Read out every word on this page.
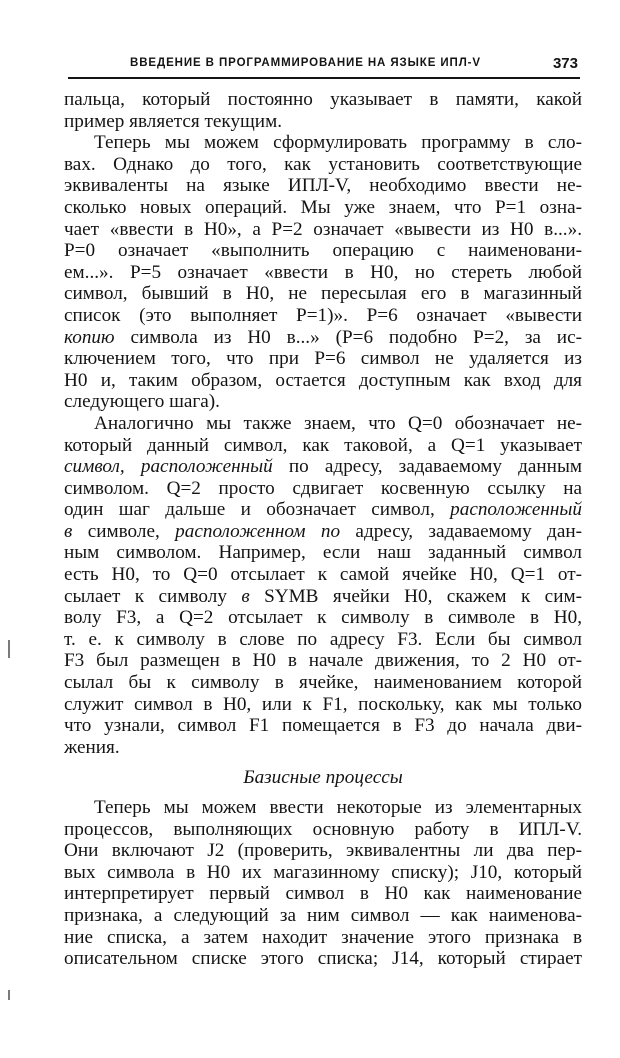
ВВЕДЕНИЕ В ПРОГРАММИРОВАНИЕ НА ЯЗЫКЕ ИПЛ-V	373
пальца, который постоянно указывает в памяти, какой
пример является текущим.
Теперь мы можем сформулировать программу в сло-
вах. Однако до того, как установить соответствующие
эквиваленты на языке ИПЛ-V, необходимо ввести не-
сколько новых операций. Мы уже знаем, что P=1 озна-
чает «ввести в H0», а P=2 означает «вывести из H0 в...».
P=0 означает «выполнить операцию с наименовани-
ем...». P=5 означает «ввести в H0, но стереть любой
символ, бывший в H0, не пересылая его в магазинный
список (это выполняет P=1)». P=6 означает «вывести
копию символа из H0 в...» (P=6 подобно P=2, за ис-
ключением того, что при P=6 символ не удаляется из
H0 и, таким образом, остается доступным как вход для
следующего шага).
Аналогично мы также знаем, что Q=0 обозначает не-
который данный символ, как таковой, а Q=1 указывает
символ, расположенный по адресу, задаваемому данным
символом. Q=2 просто сдвигает косвенную ссылку на
один шаг дальше и обозначает символ, расположенный
в символе, расположенном по адресу, задаваемому дан-
ным символом. Например, если наш заданный символ
есть H0, то Q=0 отсылает к самой ячейке H0, Q=1 от-
сылает к символу в SYMB ячейки H0, скажем к сим-
волу F3, а Q=2 отсылает к символу в символе в H0,
т. е. к символу в слове по адресу F3. Если бы символ
F3 был размещен в H0 в начале движения, то 2 H0 от-
сылал бы к символу в ячейке, наименованием которой
служит символ в H0, или к F1, поскольку, как мы только
что узнали, символ F1 помещается в F3 до начала дви-
жения.
Базисные процессы
Теперь мы можем ввести некоторые из элементарных
процессов, выполняющих основную работу в ИПЛ-V.
Они включают J2 (проверить, эквивалентны ли два пер-
вых символа в H0 их магазинному списку); J10, который
интерпретирует первый символ в H0 как наименование
признака, а следующий за ним символ — как наименова-
ние списка, а затем находит значение этого признака в
описательном списке этого списка; J14, который стирает
